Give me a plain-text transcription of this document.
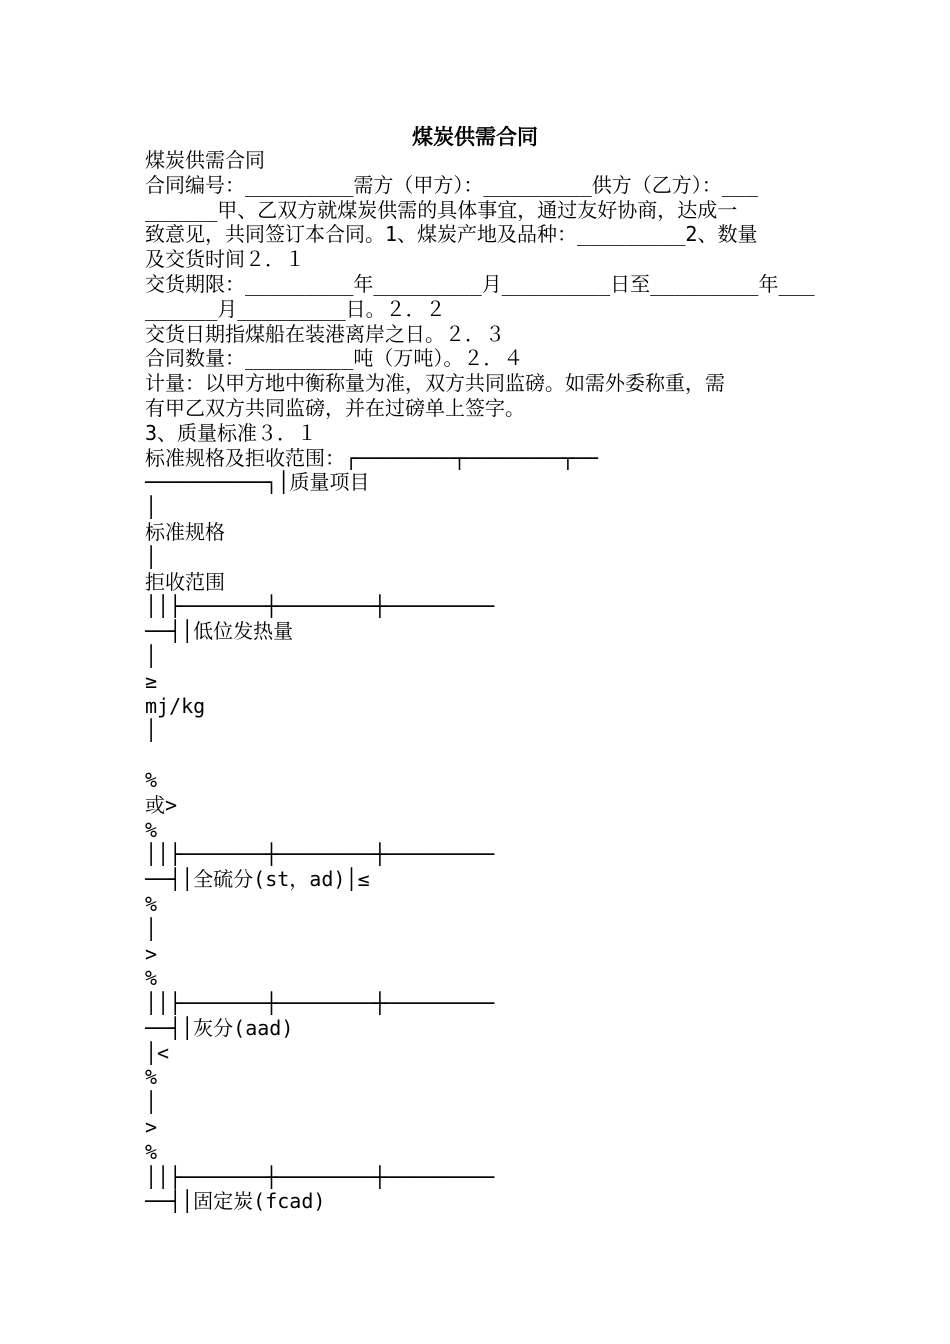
煤炭供需合同
煤炭供需合同
合同编号：_________需方（甲方）：_________供方（乙方）：___
______甲、乙双方就煤炭供需的具体事宜，通过友好协商，达成一
致意见，共同签订本合同。1、煤炭产地及品种：_________2、数量
及交货时间２．１
交货期限：_________年_________月_________日至_________年___
______月_________日。２．２
交货日期指煤船在装港离岸之日。２．３
合同数量：_________吨（万吨）。２．４
计量：以甲方地中衡称量为准，双方共同监磅。如需外委称重，需
有甲乙双方共同监磅，并在过磅单上签字。
3、质量标准３．１
标准规格及拒收范围：┌────────┬────────┬──
──────────┐│质量项目
│
标准规格
│
拒收范围
││├───────┼────────┼─────────
──┤│低位发热量
│
≥
mj/kg
│
%
或>
%
││├───────┼────────┼─────────
──┤│全硫分(st，ad)│≤
%
│
>
%
││├───────┼────────┼─────────
──┤│灰分(aad)
│<
%
│
>
%
││├───────┼────────┼─────────
──┤│固定炭(fcad)
